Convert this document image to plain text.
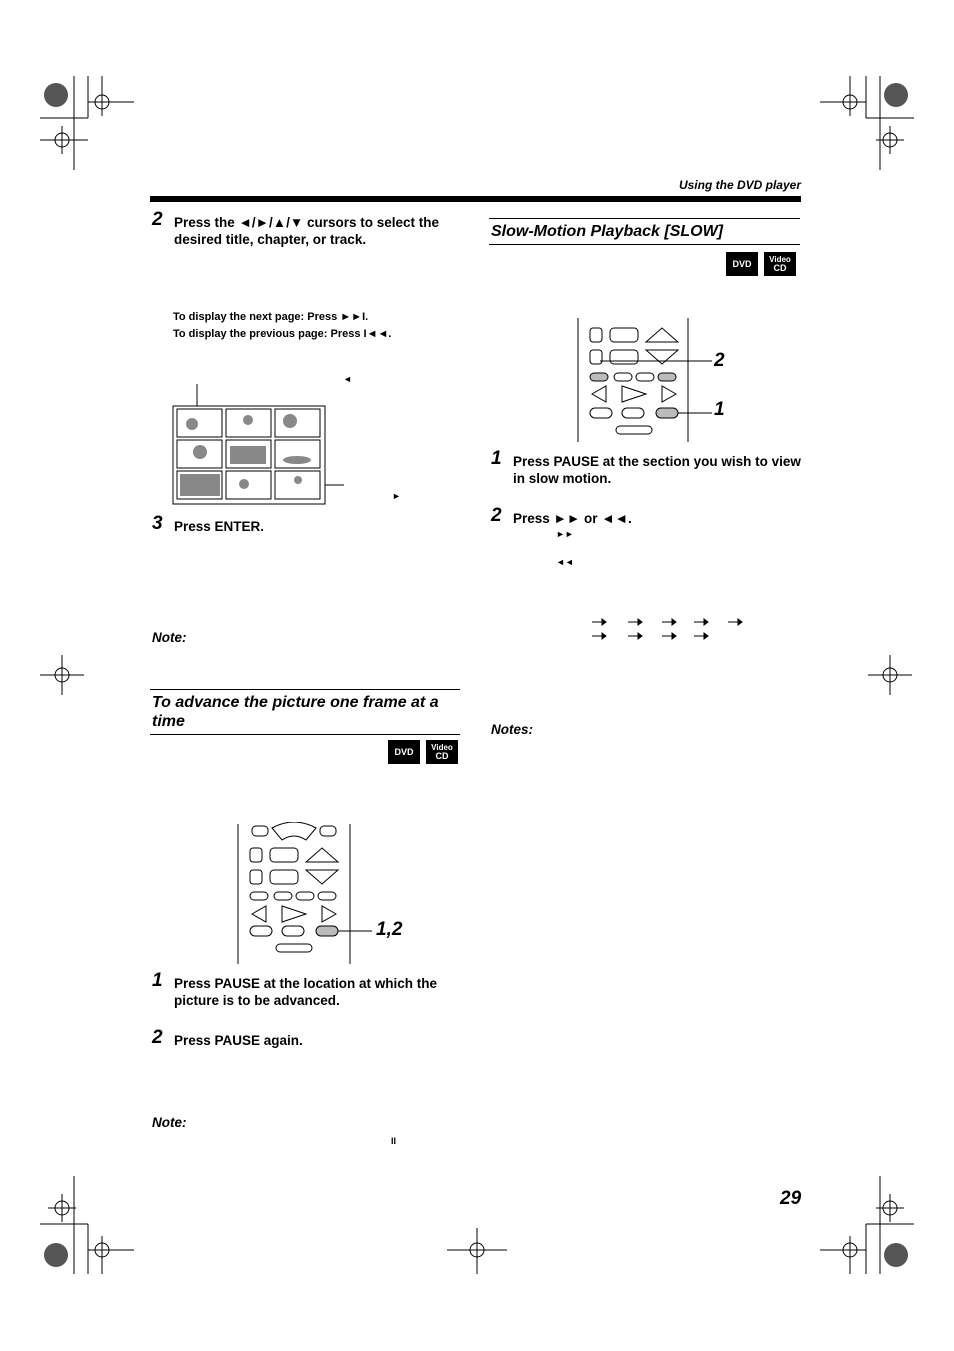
Using the DVD player
2 Press the ◄/►/▲/▼ cursors to select the desired title, chapter, or track.
To display the next page: Press ►►I.
To display the previous page: Press I◄◄.
◄
►
3 Press ENTER.
Note:
To advance the picture one frame at a time
DVD Video
CD
1,2
1 Press PAUSE at the location at which the picture is to be advanced.
2 Press PAUSE again.
Note:
II
Slow-Motion Playback [SLOW]
DVD Video
CD
2
1
1 Press PAUSE at the section you wish to view in slow motion.
2 Press ►► or ◄◄.
►►
◄◄
Notes:
29
